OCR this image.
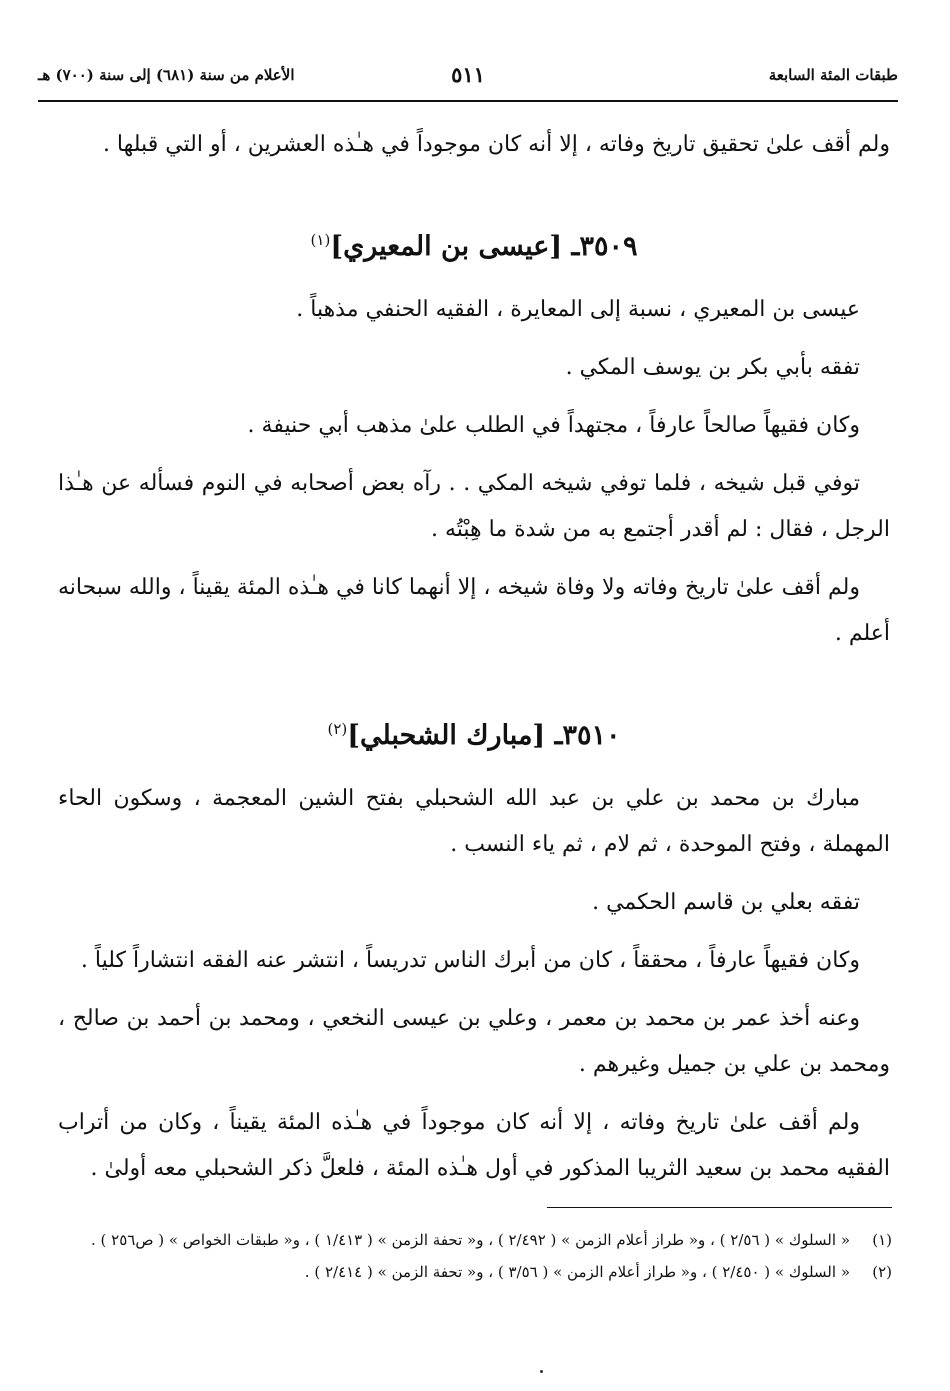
طبقات المئة السابعة
٥١١
الأعلام من سنة (٦٨١) إلى سنة (٧٠٠) هـ

ولم أقف علىٰ تحقيق تاريخ وفاته ، إلا أنه كان موجوداً في هـٰذه العشرين ، أو التي قبلها .

٣٥٠٩ـ [عيسى بن المعيري]$^{(١)}$

عيسى بن المعيري ، نسبة إلى المعايرة ، الفقيه الحنفي مذهباً .

تفقه بأبي بكر بن يوسف المكي .

وكان فقيهاً صالحاً عارفاً ، مجتهداً في الطلب علىٰ مذهب أبي حنيفة .

توفي قبل شيخه ، فلما توفي شيخه المكي . . رآه بعض أصحابه في النوم فسأله عن هـٰذا الرجل ، فقال : لم أقدر أجتمع به من شدة ما هِبْتُه .

ولم أقف علىٰ تاريخ وفاته ولا وفاة شيخه ، إلا أنهما كانا في هـٰذه المئة يقيناً ، والله سبحانه أعلم .

٣٥١٠ـ [مبارك الشحبلي]$^{(٢)}$

مبارك بن محمد بن علي بن عبد الله الشحبلي بفتح الشين المعجمة ، وسكون الحاء المهملة ، وفتح الموحدة ، ثم لام ، ثم ياء النسب .

تفقه بعلي بن قاسم الحكمي .

وكان فقيهاً عارفاً ، محققاً ، كان من أبرك الناس تدريساً ، انتشر عنه الفقه انتشاراً كلياً .

وعنه أخذ عمر بن محمد بن معمر ، وعلي بن عيسى النخعي ، ومحمد بن أحمد بن صالح ، ومحمد بن علي بن جميل وغيرهم .

ولم أقف علىٰ تاريخ وفاته ، إلا أنه كان موجوداً في هـٰذه المئة يقيناً ، وكان من أتراب الفقيه محمد بن سعيد الثريبا المذكور في أول هـٰذه المئة ، فلعلَّ ذكر الشحبلي معه أولىٰ .

(١)
« السلوك » ( ٢/٥٦ ) ، و« طراز أعلام الزمن » ( ٢/٤٩٢ ) ، و« تحفة الزمن » ( ١/٤١٣ ) ، و« طبقات الخواص » ( ص٢٥٦ ) .
(٢)
« السلوك » ( ٢/٤٥٠ ) ، و« طراز أعلام الزمن » ( ٣/٥٦ ) ، و« تحفة الزمن » ( ٢/٤١٤ ) .
